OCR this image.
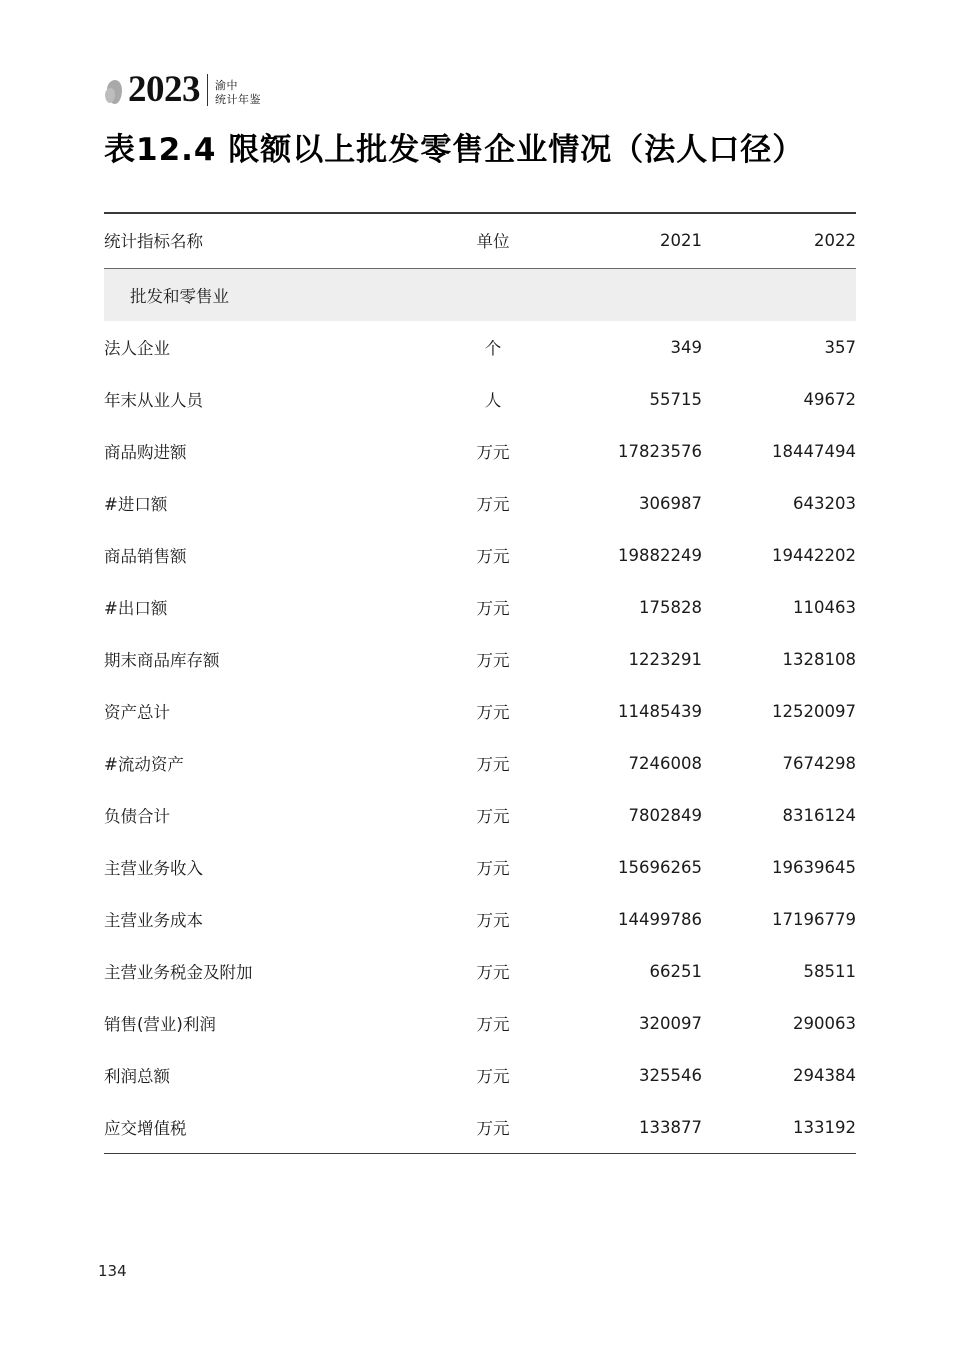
2023 渝中
统计年鉴
表12.4 限额以上批发零售企业情况（法人口径）
统计指标名称	单位	2021	2022
批发和零售业			
法人企业	个	349	357
年末从业人员	人	55715	49672
商品购进额	万元	17823576	18447494
#进口额	万元	306987	643203
商品销售额	万元	19882249	19442202
#出口额	万元	175828	110463
期末商品库存额	万元	1223291	1328108
资产总计	万元	11485439	12520097
#流动资产	万元	7246008	7674298
负债合计	万元	7802849	8316124
主营业务收入	万元	15696265	19639645
主营业务成本	万元	14499786	17196779
主营业务税金及附加	万元	66251	58511
销售(营业)利润	万元	320097	290063
利润总额	万元	325546	294384
应交增值税	万元	133877	133192
134
